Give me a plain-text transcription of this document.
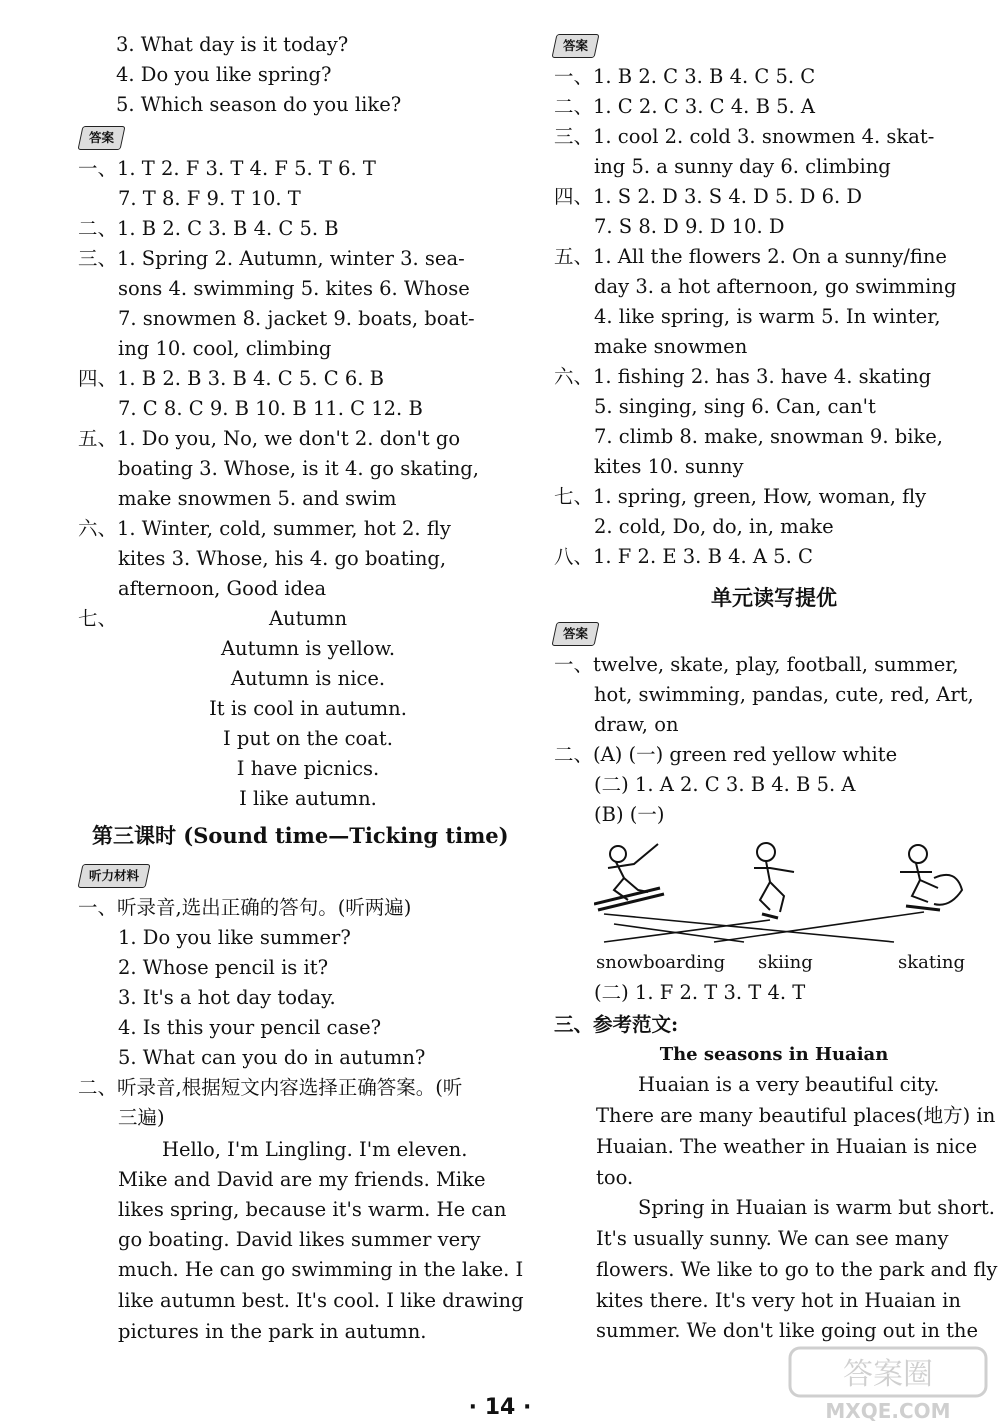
3. What day is it today?
4. Do you like spring?
5. Which season do you like?
答案
一、1. T 2. F 3. T 4. F 5. T 6. T
7. T 8. F 9. T 10. T
二、1. B 2. C 3. B 4. C 5. B
三、1. Spring 2. Autumn, winter 3. sea-
sons 4. swimming 5. kites 6. Whose
7. snowmen 8. jacket 9. boats, boat-
ing 10. cool, climbing
四、1. B 2. B 3. B 4. C 5. C 6. B
7. C 8. C 9. B 10. B 11. C 12. B
五、1. Do you, No, we don't 2. don't go
boating 3. Whose, is it 4. go skating,
make snowmen 5. and swim
六、1. Winter, cold, summer, hot 2. fly
kites 3. Whose, his 4. go boating,
afternoon, Good idea
七、	Autumn
Autumn is yellow.
Autumn is nice.
It is cool in autumn.
I put on the coat.
I have picnics.
I like autumn.
第三课时 (Sound time—Ticking time)
听力材料
一、听录音,选出正确的答句。(听两遍)
1. Do you like summer?
2. Whose pencil is it?
3. It's a hot day today.
4. Is this your pencil case?
5. What can you do in autumn?
二、听录音,根据短文内容选择正确答案。(听
三遍)
Hello, I'm Lingling. I'm eleven.
Mike and David are my friends. Mike
likes spring, because it's warm. He can
go boating. David likes summer very
much. He can go swimming in the lake. I
like autumn best. It's cool. I like drawing
pictures in the park in autumn.
答案
一、1. B 2. C 3. B 4. C 5. C
二、1. C 2. C 3. C 4. B 5. A
三、1. cool 2. cold 3. snowmen 4. skat-
ing 5. a sunny day 6. climbing
四、1. S 2. D 3. S 4. D 5. D 6. D
7. S 8. D 9. D 10. D
五、1. All the flowers 2. On a sunny/fine
day 3. a hot afternoon, go swimming
4. like spring, is warm 5. In winter,
make snowmen
六、1. fishing 2. has 3. have 4. skating
5. singing, sing 6. Can, can't
7. climb 8. make, snowman 9. bike,
kites 10. sunny
七、1. spring, green, How, woman, fly
2. cold, Do, do, in, make
八、1. F 2. E 3. B 4. A 5. C
单元读写提优
答案
一、twelve, skate, play, football, summer,
hot, swimming, pandas, cute, red, Art,
draw, on
二、(A) (一) green red yellow white
(二) 1. A 2. C 3. B 4. B 5. A
(B) (一)
snowboarding skiing	skating
(二) 1. F 2. T 3. T 4. T
三、参考范文:
The seasons in Huaian
Huaian is a very beautiful city.
There are many beautiful places(地方) in
Huaian. The weather in Huaian is nice
too.
Spring in Huaian is warm but short.
It's usually sunny. We can see many
flowers. We like to go to the park and fly
kites there. It's very hot in Huaian in
summer. We don't like going out in the
· 14 ·
答案圈
MXQE.COM
